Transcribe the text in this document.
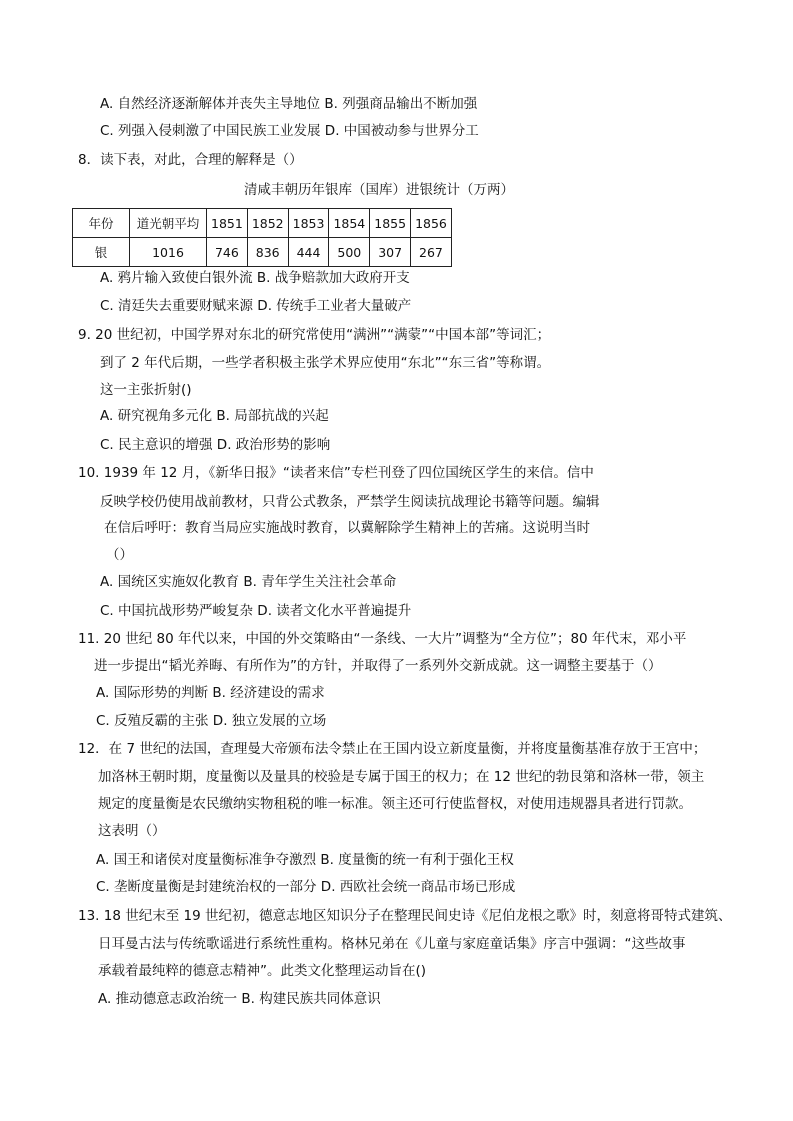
A. 自然经济逐渐解体并丧失主导地位 B. 列强商品输出不断加强
C. 列强入侵刺激了中国民族工业发展 D. 中国被动参与世界分工
8．读下表，对此，合理的解释是（）
清咸丰朝历年银库（国库）进银统计（万两）
年份	道光朝平均	1851	1852	1853	1854	1855	1856
银	1016	746	836	444	500	307	267
A. 鸦片输入致使白银外流 B. 战争赔款加大政府开支
C. 清廷失去重要财赋来源 D. 传统手工业者大量破产
9. 20 世纪初，中国学界对东北的研究常使用“满洲”“满蒙”“中国本部”等词汇；
到了 2 年代后期，一些学者积极主张学术界应使用“东北”“东三省”等称谓。
这一主张折射()
A. 研究视角多元化 B. 局部抗战的兴起
C. 民主意识的增强 D. 政治形势的影响
10. 1939 年 12 月，《新华日报》“读者来信”专栏刊登了四位国统区学生的来信。信中
反映学校仍使用战前教材，只背公式教条，严禁学生阅读抗战理论书籍等问题。编辑
在信后呼吁：教育当局应实施战时教育，以冀解除学生精神上的苦痛。这说明当时
（）
A. 国统区实施奴化教育 B. 青年学生关注社会革命
C. 中国抗战形势严峻复杂 D. 读者文化水平普遍提升
11. 20 世纪 80 年代以来，中国的外交策略由“一条线、一大片”调整为“全方位”；80 年代末，邓小平
进一步提出“韬光养晦、有所作为”的方针，并取得了一系列外交新成就。这一调整主要基于（）
A. 国际形势的判断 B. 经济建设的需求
C. 反殖反霸的主张 D. 独立发展的立场
12．在 7 世纪的法国，查理曼大帝颁布法令禁止在王国内设立新度量衡，并将度量衡基准存放于王宫中；
加洛林王朝时期，度量衡以及量具的校验是专属于国王的权力；在 12 世纪的勃艮第和洛林一带，领主
规定的度量衡是农民缴纳实物租税的唯一标准。领主还可行使监督权，对使用违规器具者进行罚款。
这表明（）
A. 国王和诸侯对度量衡标准争夺激烈 B. 度量衡的统一有利于强化王权
C. 垄断度量衡是封建统治权的一部分 D. 西欧社会统一商品市场已形成
13. 18 世纪末至 19 世纪初，德意志地区知识分子在整理民间史诗《尼伯龙根之歌》时，刻意将哥特式建筑、
日耳曼古法与传统歌谣进行系统性重构。格林兄弟在《儿童与家庭童话集》序言中强调：“这些故事
承载着最纯粹的德意志精神”。此类文化整理运动旨在()
A. 推动德意志政治统一 B. 构建民族共同体意识
